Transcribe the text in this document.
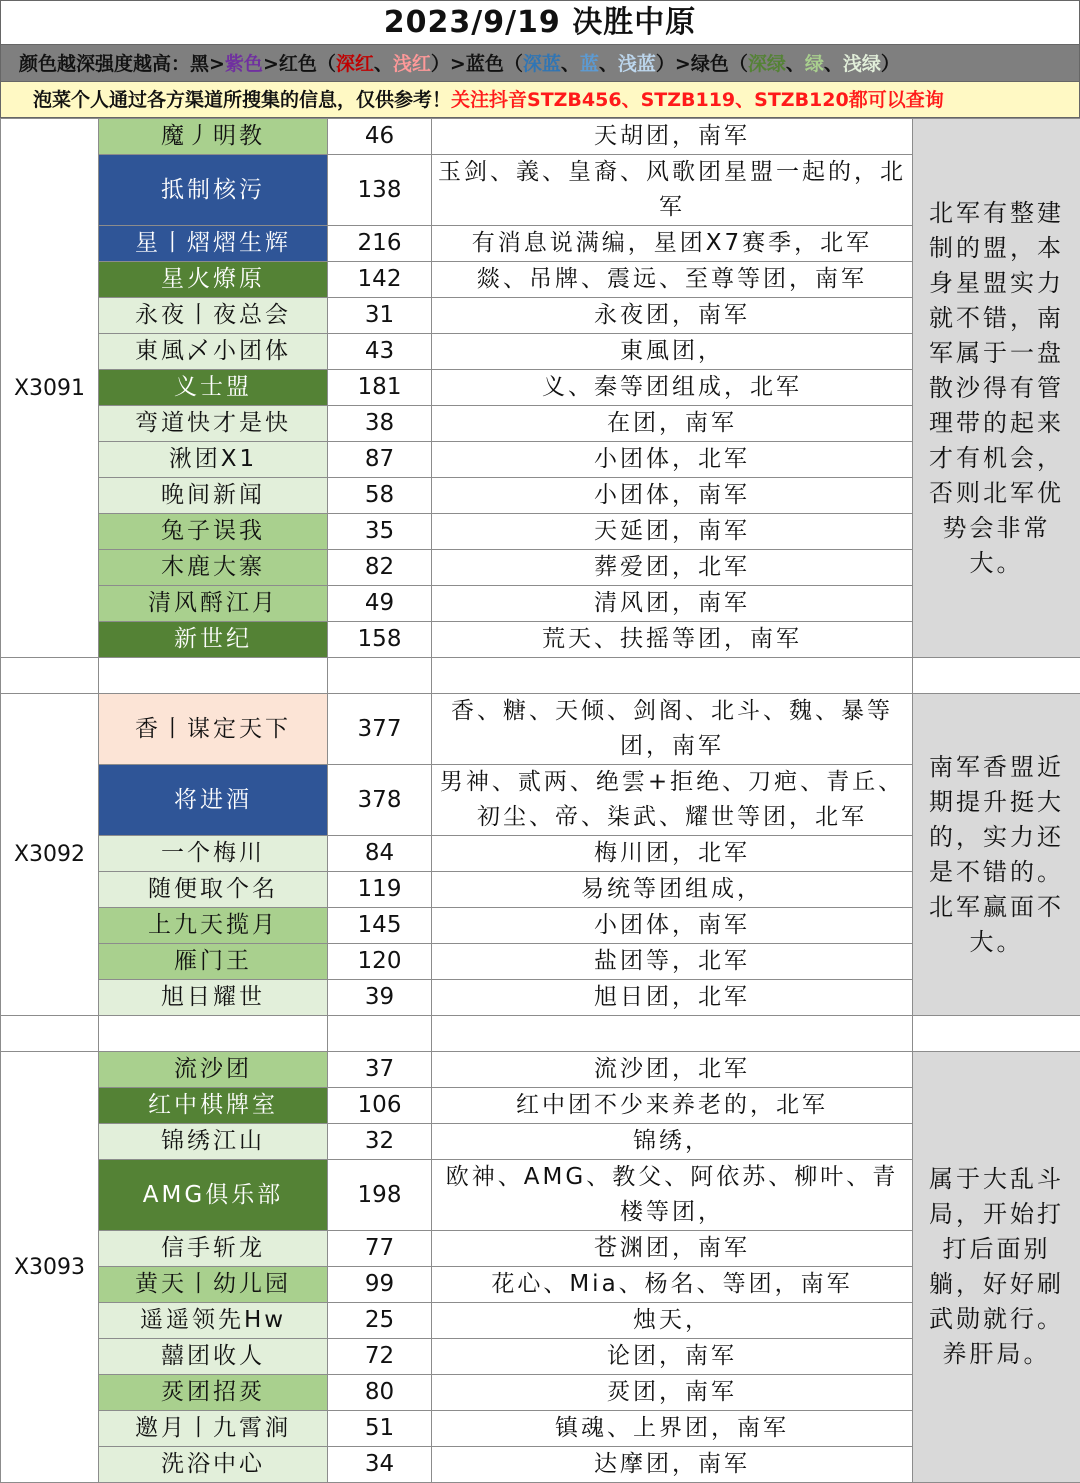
2023/9/19 决胜中原
颜色越深强度越高：黑>紫色>红色（深红、浅红）>蓝色（深蓝、蓝、浅蓝）>绿色（深绿、绿、浅绿）
泡菜个人通过各方渠道所搜集的信息，仅供参考！关注抖音STZB456、STZB119、STZB120都可以查询
X3091	魔丿明教	46	天胡团，南军	北军有整建制的盟，本身星盟实力就不错，南军属于一盘散沙得有管理带的起来才有机会，否则北军优势会非常大。
	抵制核污	138	玉剑、義、皇裔、风歌团星盟一起的，北军	
	星丨熠熠生辉	216	有消息说满编，星团X7赛季，北军	
	星火燎原	142	燚、吊牌、震远、至尊等团，南军	
	永夜丨夜总会	31	永夜团，南军	
	東風乄小团体	43	東風团，	
	义士盟	181	义、秦等团组成，北军	
	弯道快才是快	38	在团，南军	
	湫团X1	87	小团体，北军	
	晚间新闻	58	小团体，南军	
	兔子误我	35	天延团，南军	
	木鹿大寨	82	葬爱团，北军	
	清风酹江月	49	清风团，南军	
	新世纪	158	荒天、扶摇等团，南军	

X3092	香丨谋定天下	377	香、糖、天倾、剑阁、北斗、魏、暴等团，南军	南军香盟近期提升挺大的，实力还是不错的。北军赢面不大。
	将进酒	378	男神、贰两、绝雲+拒绝、刀疤、青丘、初尘、帝、柒武、耀世等团，北军	
	一个梅川	84	梅川团，北军	
	随便取个名	119	易统等团组成，	
	上九天揽月	145	小团体，南军	
	雁门王	120	盐团等，北军	
	旭日耀世	39	旭日团，北军	

X3093	流沙团	37	流沙团，北军	属于大乱斗局，开始打打后面别躺，好好刷武勋就行。养肝局。
	红中棋牌室	106	红中团不少来养老的，北军	
	锦绣江山	32	锦绣，	
	AMG俱乐部	198	欧神、AMG、教父、阿依苏、柳叶、青楼等团，	
	信手斩龙	77	苍渊团，南军	
	黄天丨幼儿园	99	花心、Mia、杨名、等团，南军	
	遥遥领先Hw	25	烛天，	
	囍团收人	72	论团，南军	
	烎团招烎	80	烎团，南军	
	邀月丨九霄涧	51	镇魂、上界团，南军	
	洗浴中心	34	达摩团，南军	
